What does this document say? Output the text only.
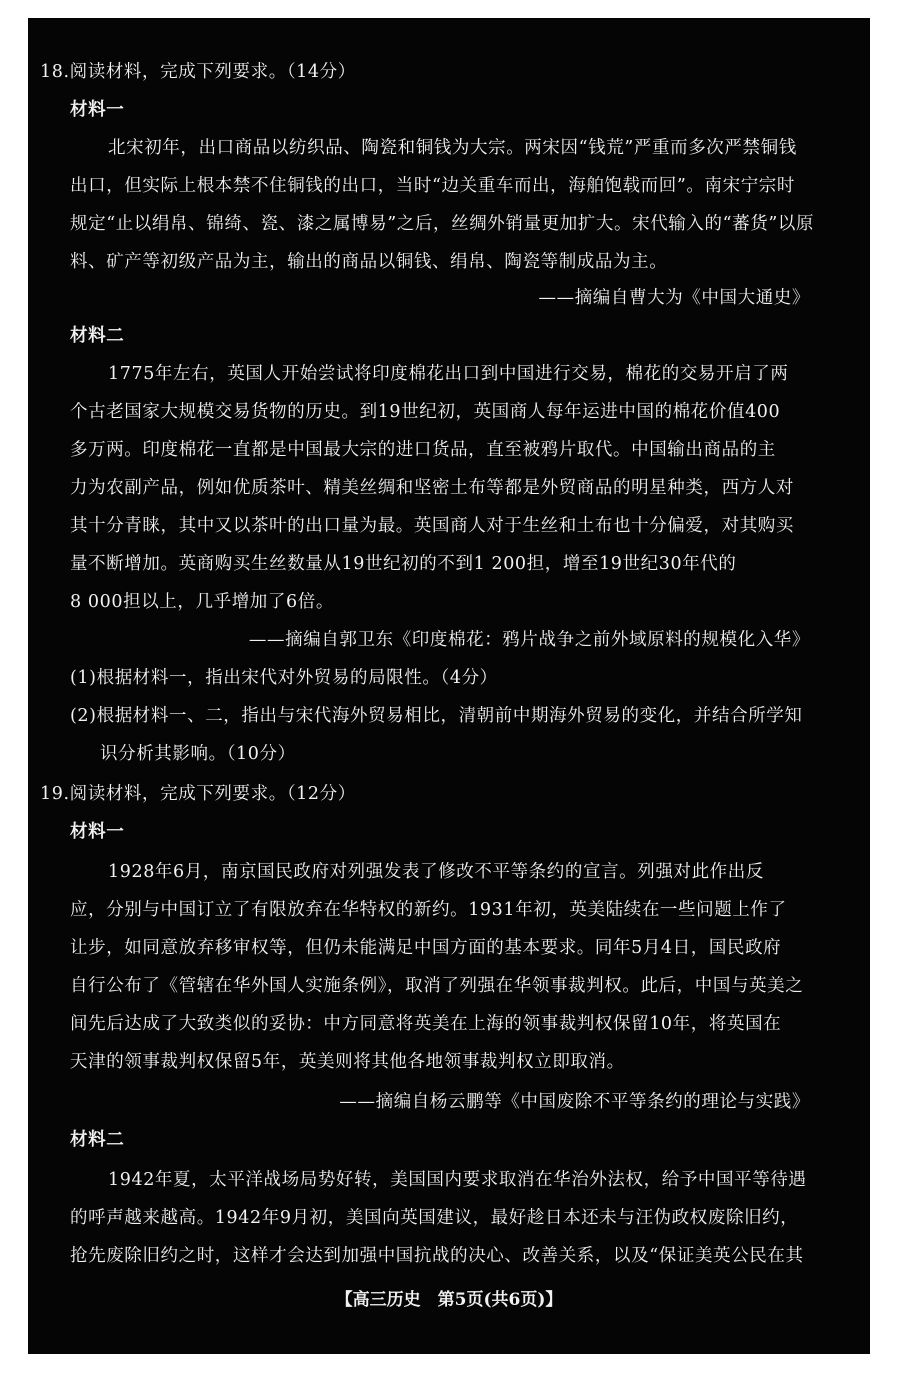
18.阅读材料，完成下列要求。（14分）
材料一
北宋初年，出口商品以纺织品、陶瓷和铜钱为大宗。两宋因“钱荒”严重而多次严禁铜钱
出口，但实际上根本禁不住铜钱的出口，当时“边关重车而出，海舶饱载而回”。南宋宁宗时
规定“止以绢帛、锦绮、瓷、漆之属博易”之后，丝绸外销量更加扩大。宋代输入的“蕃货”以原
料、矿产等初级产品为主，输出的商品以铜钱、绢帛、陶瓷等制成品为主。
——摘编自曹大为《中国大通史》
材料二
1775年左右，英国人开始尝试将印度棉花出口到中国进行交易，棉花的交易开启了两
个古老国家大规模交易货物的历史。到19世纪初，英国商人每年运进中国的棉花价值400
多万两。印度棉花一直都是中国最大宗的进口货品，直至被鸦片取代。中国输出商品的主
力为农副产品，例如优质茶叶、精美丝绸和坚密土布等都是外贸商品的明星种类，西方人对
其十分青睐，其中又以茶叶的出口量为最。英国商人对于生丝和土布也十分偏爱，对其购买
量不断增加。英商购买生丝数量从19世纪初的不到1 200担，增至19世纪30年代的
8 000担以上，几乎增加了6倍。
——摘编自郭卫东《印度棉花：鸦片战争之前外域原料的规模化入华》
(1)根据材料一，指出宋代对外贸易的局限性。（4分）
(2)根据材料一、二，指出与宋代海外贸易相比，清朝前中期海外贸易的变化，并结合所学知
识分析其影响。（10分）
19.阅读材料，完成下列要求。（12分）
材料一
1928年6月，南京国民政府对列强发表了修改不平等条约的宣言。列强对此作出反
应，分别与中国订立了有限放弃在华特权的新约。1931年初，英美陆续在一些问题上作了
让步，如同意放弃移审权等，但仍未能满足中国方面的基本要求。同年5月4日，国民政府
自行公布了《管辖在华外国人实施条例》，取消了列强在华领事裁判权。此后，中国与英美之
间先后达成了大致类似的妥协：中方同意将英美在上海的领事裁判权保留10年，将英国在
天津的领事裁判权保留5年，英美则将其他各地领事裁判权立即取消。
——摘编自杨云鹏等《中国废除不平等条约的理论与实践》
材料二
1942年夏，太平洋战场局势好转，美国国内要求取消在华治外法权，给予中国平等待遇
的呼声越来越高。1942年9月初，美国向英国建议，最好趁日本还未与汪伪政权废除旧约，
抢先废除旧约之时，这样才会达到加强中国抗战的决心、改善关系，以及“保证美英公民在其
【高三历史　第5页(共6页)】
